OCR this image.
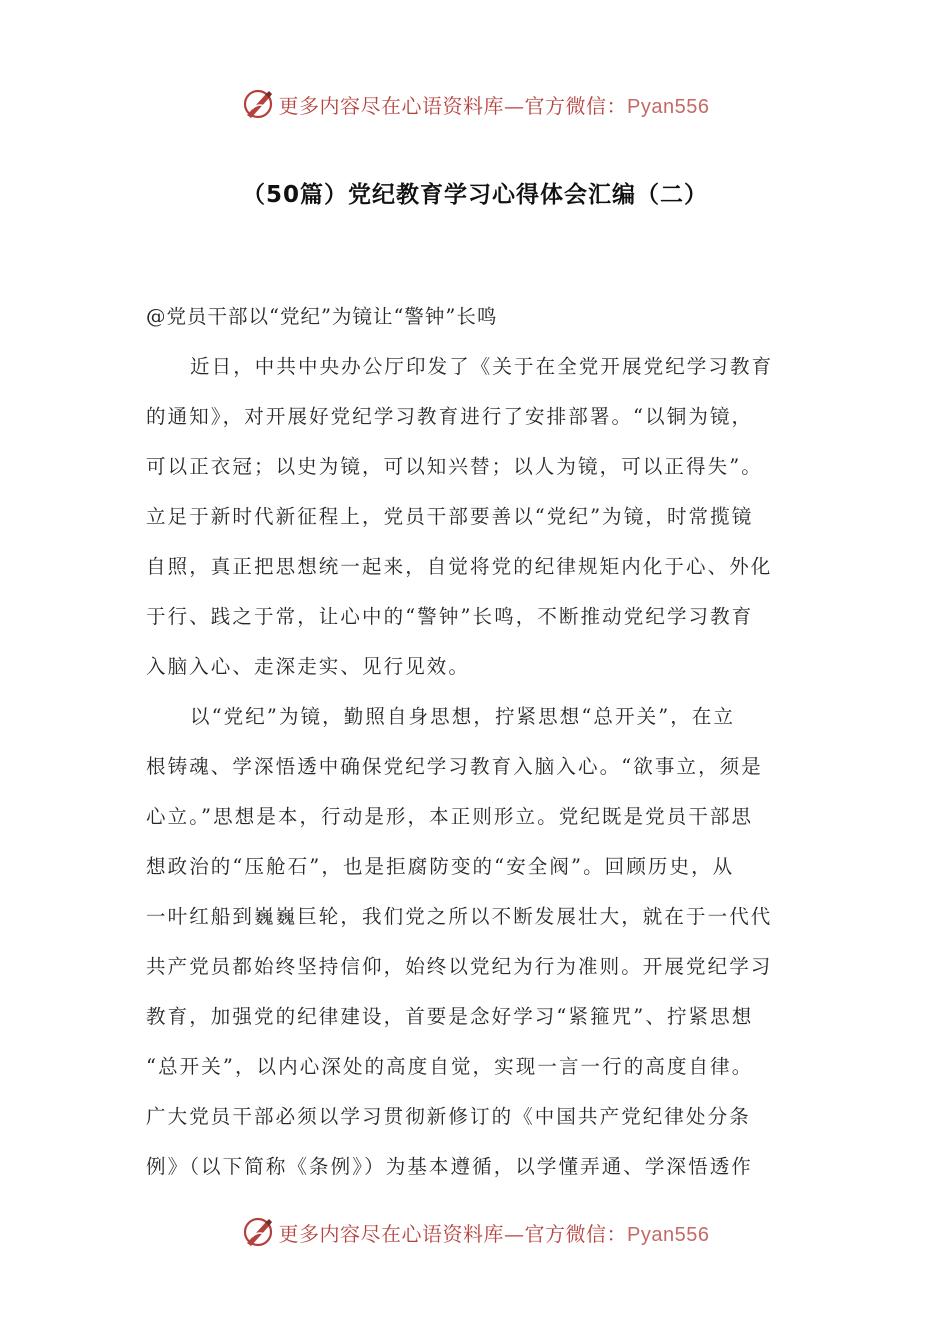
更多内容尽在心语资料库—官方微信：Pyan556
（50篇）党纪教育学习心得体会汇编（二）
@党员干部以“党纪”为镜让“警钟”长鸣
近日，中共中央办公厅印发了《关于在全党开展党纪学习教育
的通知》，对开展好党纪学习教育进行了安排部署。“以铜为镜，
可以正衣冠；以史为镜，可以知兴替；以人为镜，可以正得失”。
立足于新时代新征程上，党员干部要善以“党纪”为镜，时常揽镜
自照，真正把思想统一起来，自觉将党的纪律规矩内化于心、外化
于行、践之于常，让心中的“警钟”长鸣，不断推动党纪学习教育
入脑入心、走深走实、见行见效。
以“党纪”为镜，勤照自身思想，拧紧思想“总开关”，在立
根铸魂、学深悟透中确保党纪学习教育入脑入心。“欲事立，须是
心立。”思想是本，行动是形，本正则形立。党纪既是党员干部思
想政治的“压舱石”，也是拒腐防变的“安全阀”。回顾历史，从
一叶红船到巍巍巨轮，我们党之所以不断发展壮大，就在于一代代
共产党员都始终坚持信仰，始终以党纪为行为准则。开展党纪学习
教育，加强党的纪律建设，首要是念好学习“紧箍咒”、拧紧思想
“总开关”，以内心深处的高度自觉，实现一言一行的高度自律。
广大党员干部必须以学习贯彻新修订的《中国共产党纪律处分条
例》（以下简称《条例》）为基本遵循，以学懂弄通、学深悟透作
更多内容尽在心语资料库—官方微信：Pyan556
